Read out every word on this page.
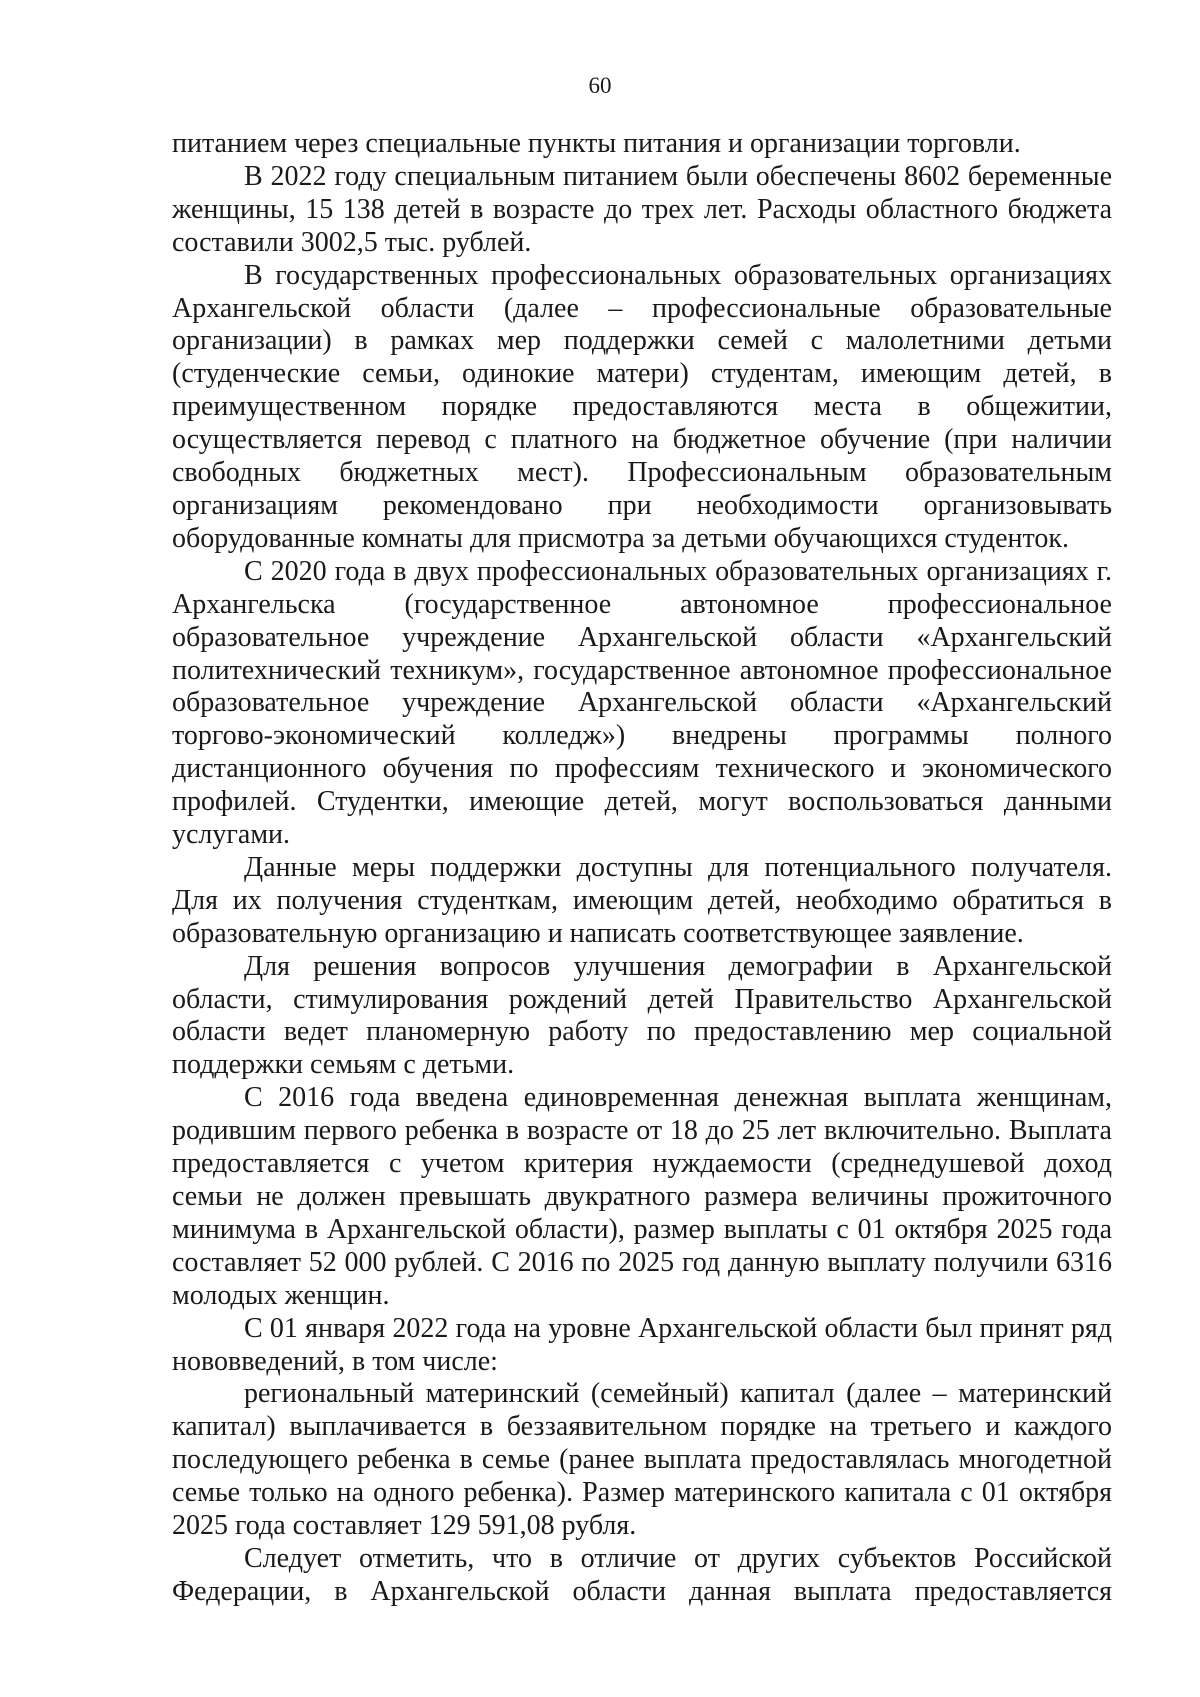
60

питанием через специальные пункты питания и организации торговли.

В 2022 году специальным питанием были обеспечены 8602 беременные женщины, 15 138 детей в возрасте до трех лет. Расходы областного бюджета составили 3002,5 тыс. рублей.

В государственных профессиональных образовательных организациях Архангельской области (далее – профессиональные образовательные организации) в рамках мер поддержки семей с малолетними детьми (студенческие семьи, одинокие матери) студентам, имеющим детей, в преимущественном порядке предоставляются места в общежитии, осуществляется перевод с платного на бюджетное обучение (при наличии свободных бюджетных мест). Профессиональным образовательным организациям рекомендовано при необходимости организовывать оборудованные комнаты для присмотра за детьми обучающихся студенток.

С 2020 года в двух профессиональных образовательных организациях г. Архангельска (государственное автономное профессиональное образовательное учреждение Архангельской области «Архангельский политехнический техникум», государственное автономное профессиональное образовательное учреждение Архангельской области «Архангельский торгово-экономический колледж») внедрены программы полного дистанционного обучения по профессиям технического и экономического профилей. Студентки, имеющие детей, могут воспользоваться данными услугами.

Данные меры поддержки доступны для потенциального получателя. Для их получения студенткам, имеющим детей, необходимо обратиться в образовательную организацию и написать соответствующее заявление.

Для решения вопросов улучшения демографии в Архангельской области, стимулирования рождений детей Правительство Архангельской области ведет планомерную работу по предоставлению мер социальной поддержки семьям с детьми.

С 2016 года введена единовременная денежная выплата женщинам, родившим первого ребенка в возрасте от 18 до 25 лет включительно. Выплата предоставляется с учетом критерия нуждаемости (среднедушевой доход семьи не должен превышать двукратного размера величины прожиточного минимума в Архангельской области), размер выплаты с 01 октября 2025 года составляет 52 000 рублей. С 2016 по 2025 год данную выплату получили 6316 молодых женщин.

С 01 января 2022 года на уровне Архангельской области был принят ряд нововведений, в том числе:

региональный материнский (семейный) капитал (далее – материнский капитал) выплачивается в беззаявительном порядке на третьего и каждого последующего ребенка в семье (ранее выплата предоставлялась многодетной семье только на одного ребенка). Размер материнского капитала с 01 октября 2025 года составляет 129 591,08 рубля.

Следует отметить, что в отличие от других субъектов Российской Федерации, в Архангельской области данная выплата предоставляется
